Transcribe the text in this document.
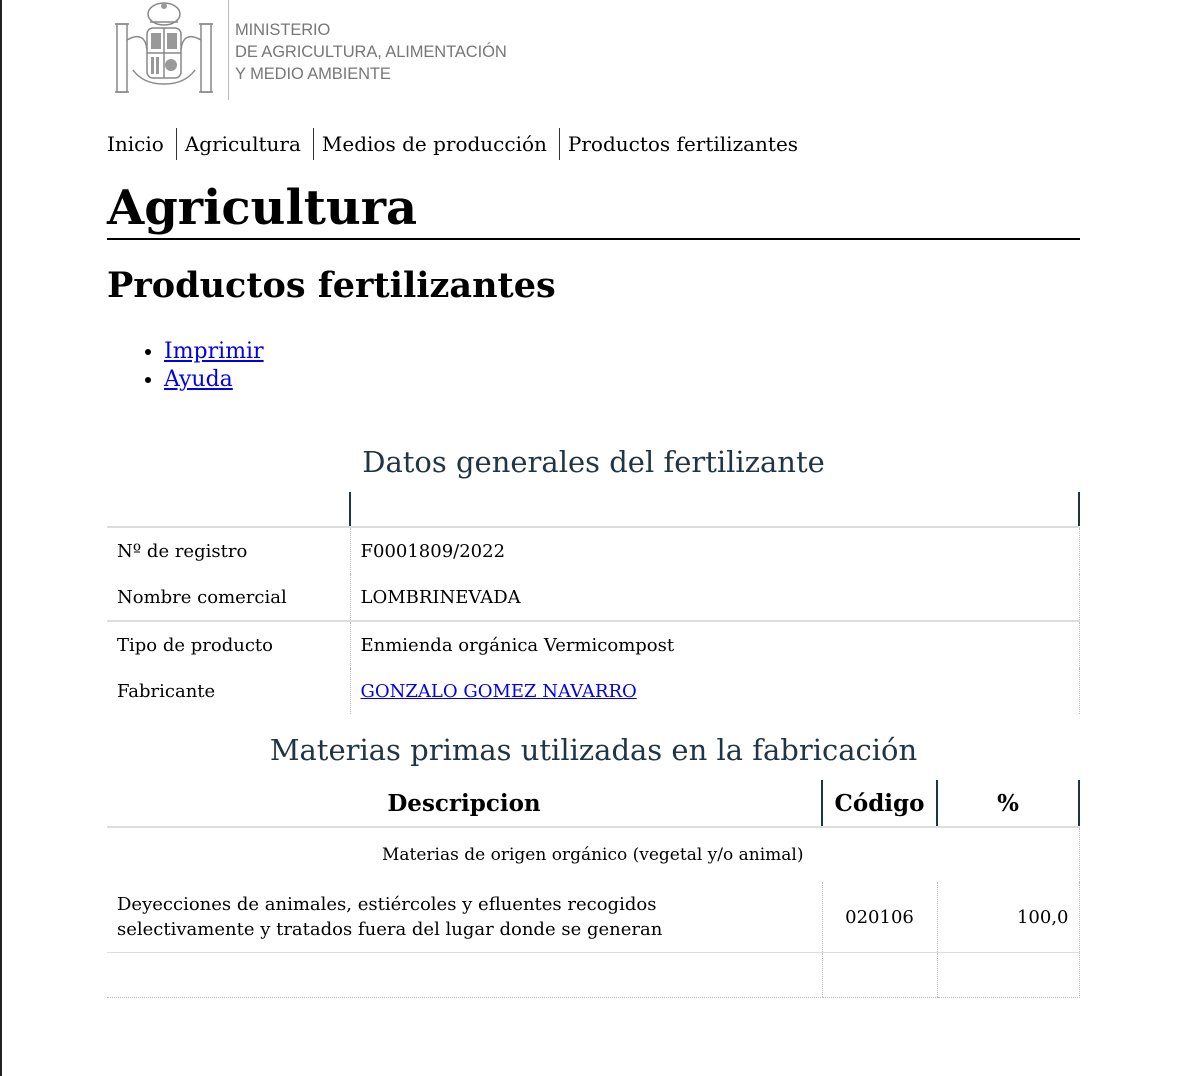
MINISTERIO
DE AGRICULTURA, ALIMENTACIÓN
Y MEDIO AMBIENTE
Inicio	Agricultura	Medios de producción	Productos fertilizantes
Agricultura
Productos fertilizantes
• Imprimir
• Ayuda
Datos generales del fertilizante

Nº de registro	F0001809/2022
Nombre comercial	LOMBRINEVADA
Tipo de producto	Enmienda orgánica Vermicompost
Fabricante	GONZALO GOMEZ NAVARRO
Materias primas utilizadas en la fabricación
Descripcion	Código	%
Materias de origen orgánico (vegetal y/o animal)		

Deyecciones de animales, estiércoles y efluentes recogidos
selectivamente y tratados fuera del lugar donde se generan	020106	100,0
